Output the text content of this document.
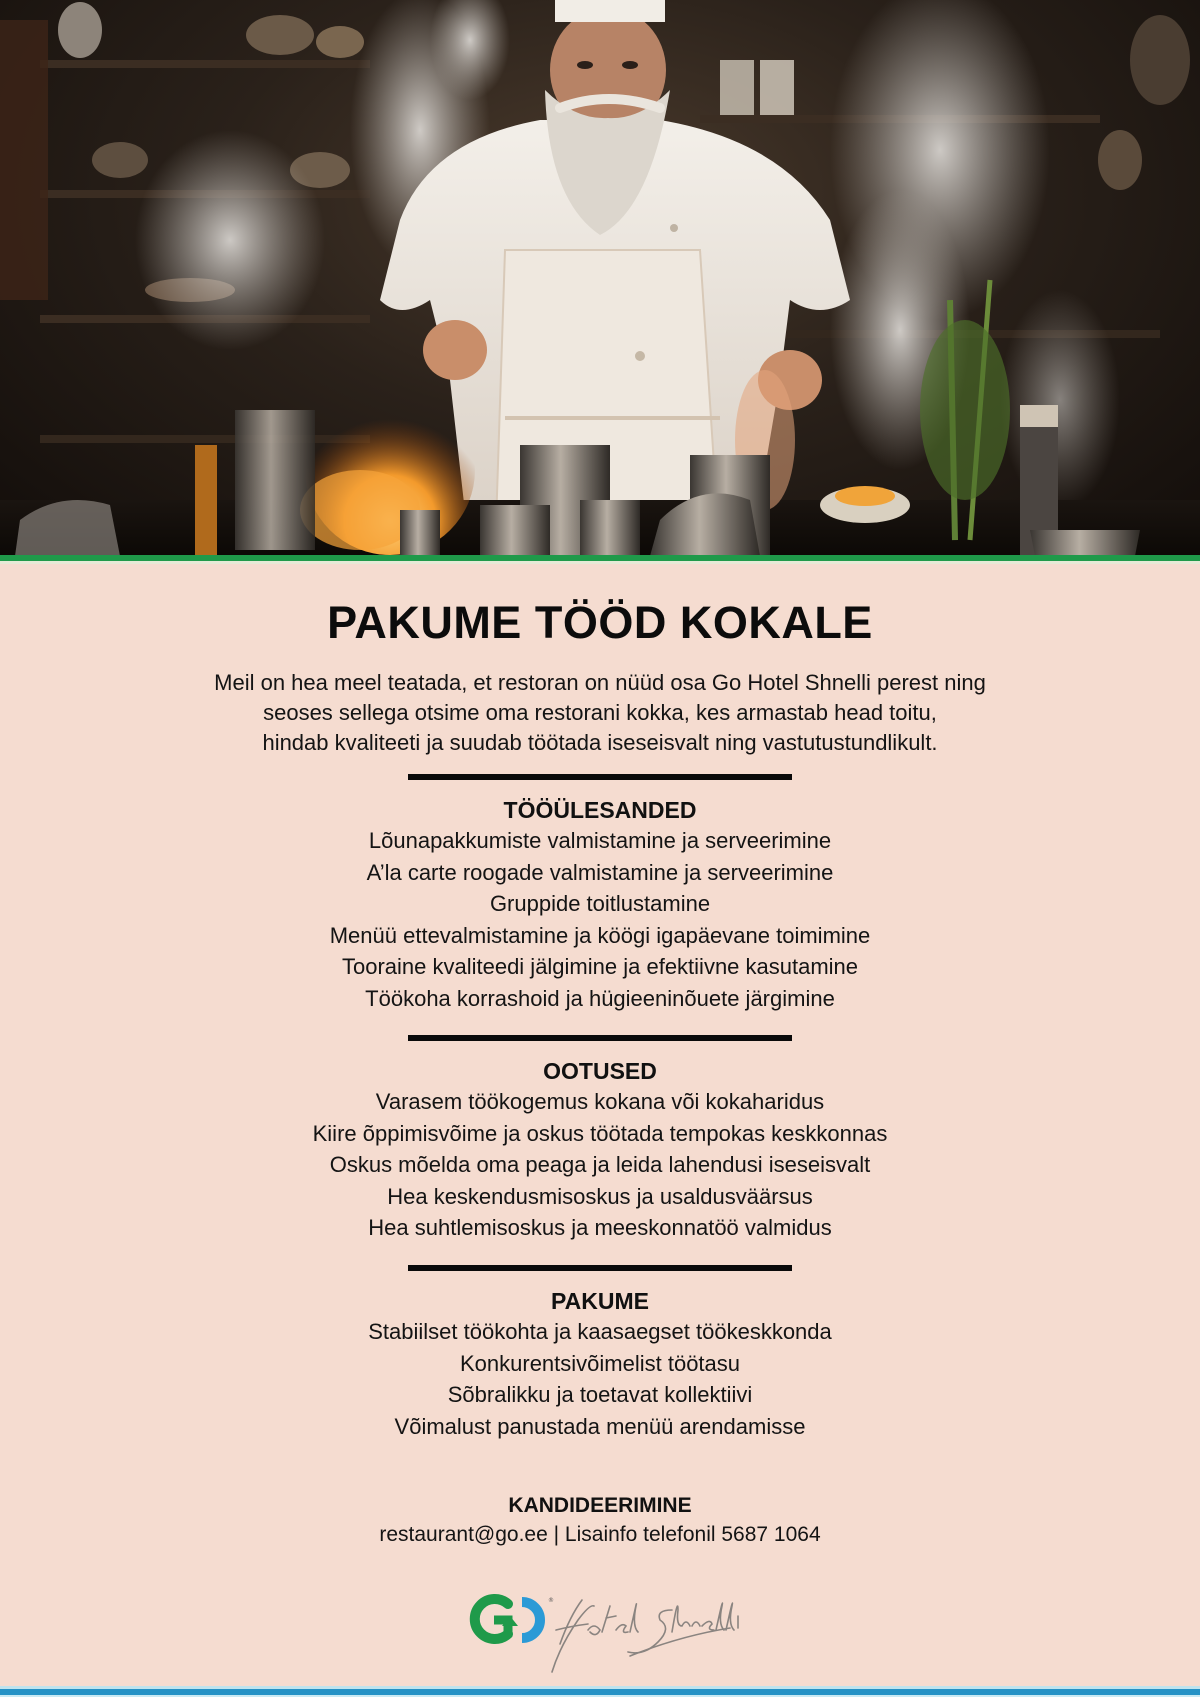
PAKUME TÖÖD KOKALE
Meil on hea meel teatada, et restoran on nüüd osa Go Hotel Shnelli perest ning
seoses sellega otsime oma restorani kokka, kes armastab head toitu,
hindab kvaliteeti ja suudab töötada iseseisvalt ning vastutustundlikult.
TÖÖÜLESANDED
Lõunapakkumiste valmistamine ja serveerimine
A’la carte roogade valmistamine ja serveerimine
Gruppide toitlustamine
Menüü ettevalmistamine ja köögi igapäevane toimimine
Tooraine kvaliteedi jälgimine ja efektiivne kasutamine
Töökoha korrashoid ja hügieeninõuete järgimine
OOTUSED
Varasem töökogemus kokana või kokaharidus
Kiire õppimisvõime ja oskus töötada tempokas keskkonnas
Oskus mõelda oma peaga ja leida lahendusi iseseisvalt
Hea keskendusmisoskus ja usaldusväärsus
Hea suhtlemisoskus ja meeskonnatöö valmidus
PAKUME
Stabiilset töökohta ja kaasaegset töökeskkonda
Konkurentsivõimelist töötasu
Sõbralikku ja toetavat kollektiivi
Võimalust panustada menüü arendamisse
KANDIDEERIMINE
restaurant@go.ee | Lisainfo telefonil 5687 1064
®
